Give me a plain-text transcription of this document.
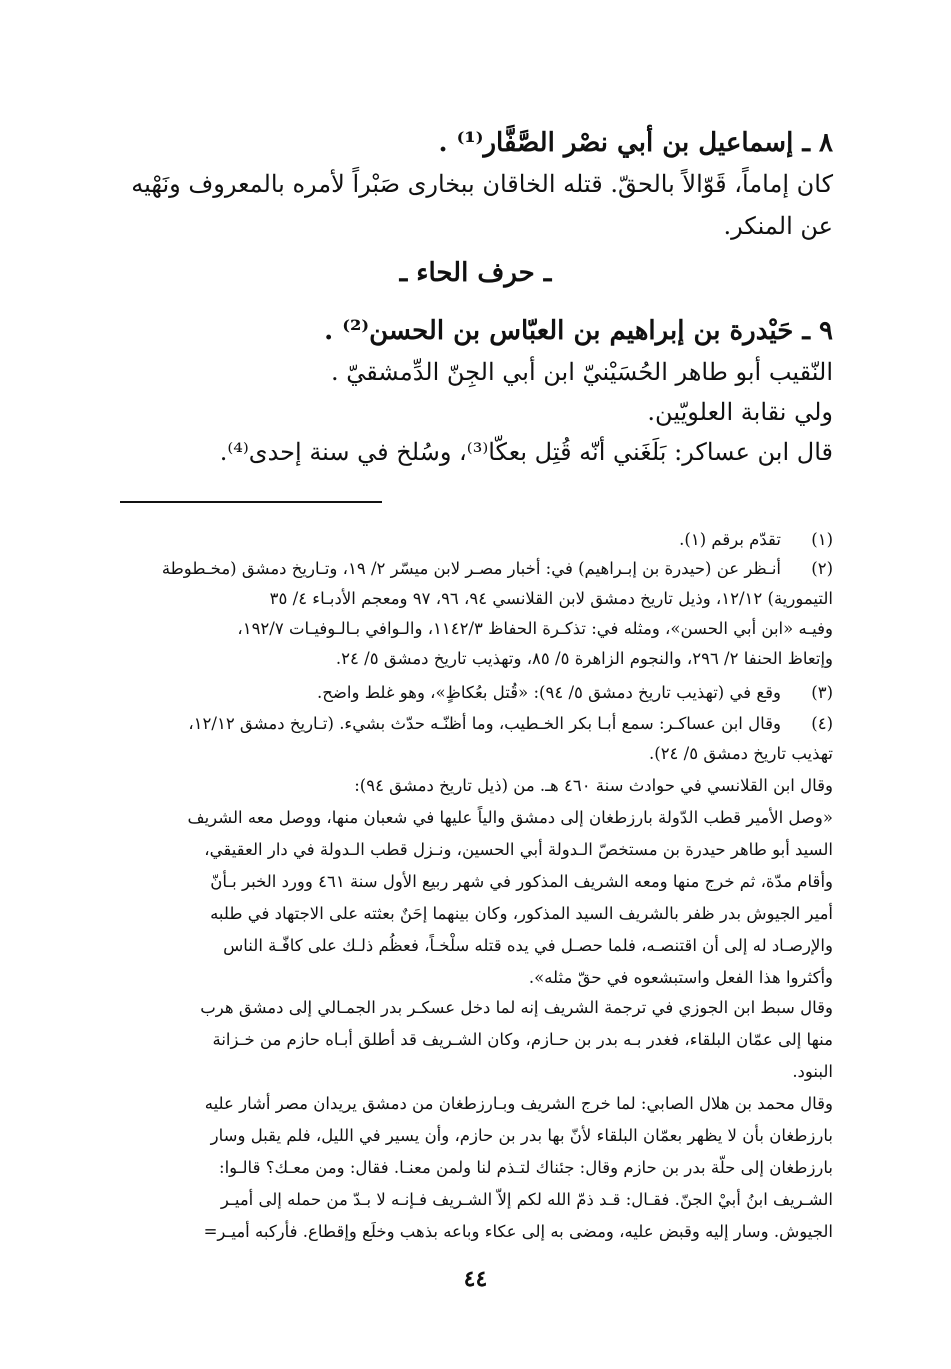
٨ ـ إسماعيل بن أبي نصْر الصَّفَّار⁽¹⁾ .
كان إماماً، قَوّالاً بالحقّ. قتله الخاقان ببخارى صَبْراً لأمره بالمعروف ونَهْيه
عن المنكر.
ـ حرف الحاء ـ
٩ ـ حَيْدرة بن إبراهيم بن العبّاس بن الحسن⁽²⁾ .
النّقيب أبو طاهر الحُسَيْنيّ ابن أبي الجِنّ الدِّمشقيّ .
ولي نقابة العلويّين.
قال ابن عساكر: بَلَغَني أنّه قُتِل بعكّا⁽³⁾، وسُلخ في سنة إحدى⁽⁴⁾.
(١)
تقدّم برقم (١).
(٢)
أنـظر عن (حيدرة بن إبـراهيم) في: أخبار مصـر لابن ميسّر ٢/ ١٩، وتـاريخ دمشق (مخـطوطة
التيمورية) ١٢/١٢، وذيل تاريخ دمشق لابن القلانسي ٩٤، ٩٦، ٩٧ ومعجم الأدبـاء ٤/ ٣٥
وفيـه «ابن أبي الحسن»، ومثله في: تذكـرة الحفاظ ١١٤٢/٣، والـوافي بـالـوفيـات ١٩٢/٧،
وإتعاظ الحنفا ٢/ ٢٩٦، والنجوم الزاهرة ٥/ ٨٥، وتهذيب تاريخ دمشق ٥/ ٢٤.
(٣)
وقع في (تهذيب تاريخ دمشق ٥/ ٩٤): «قُتل بعُكاظٍ»، وهو غلط واضح.
(٤)
وقال ابن عساكـر: سمع أبـا بكر الخـطيب، وما أظنّـه حدّث بشيء. (تـاريخ دمشق ١٢/١٢،
تهذيب تاريخ دمشق ٥/ ٢٤).
وقال ابن القلانسي في حوادث سنة ٤٦٠ هـ. من (ذيل تاريخ دمشق ٩٤):
«وصل الأمير قطب الدّولة بارزطغان إلى دمشق والياً عليها في شعبان منها، ووصل معه الشريف
السيد أبو طاهر حيدرة بن مستخصّ الـدولة أبي الحسين، ونـزل قطب الـدولة في دار العقيقي،
وأقام مدّة، ثم خرج منها ومعه الشريف المذكور في شهر ربيع الأول سنة ٤٦١ وورد الخبر بـأنّ
أمير الجيوش بدر ظفر بالشريف السيد المذكور، وكان بينهما إحَنٌ بعثته على الاجتهاد في طلبه
والإرصـاد له إلى أن اقتنصـه، فلما حصـل في يده قتله سلْخـاً، فعظُم ذلـك على كافّـة الناس
وأكثروا هذا الفعل واستبشعوه في حقّ مثله».
وقال سبط ابن الجوزي في ترجمة الشريف إنه لما دخل عسكـر بدر الجمـالي إلى دمشق هرب
منها إلى عمّان البلقاء، فغدر بـه بدر بن حـازم، وكان الشـريف قد أطلق أبـاه حازم من خـزانة
البنود.
وقال محمد بن هلال الصابي: لما خرج الشريف وبـارزطغان من دمشق يريدان مصر أشار عليه
بارزطغان بأن لا يظهر بعمّان البلقاء لأنّ بها بدر بن حازم، وأن يسير في الليل، فلم يقبل وسار
بارزطغان إلى حلّة بدر بن حازم وقال: جئناك لتـذم لنا ولمن معنـا. فقال: ومن معـك؟ قالـوا:
الشـريف ابنُ أبيْ الجنّ. فقـال: قـد ذمّ الله لكم إلاّ الشـريف فـإنـه لا بـدّ من حمله إلى أميـر
الجيوش. وسار إليه وقبض عليه، ومضى به إلى عكاء وباعه بذهب وخلَع وإقطاع. فأركبه أميـر=
٤٤
